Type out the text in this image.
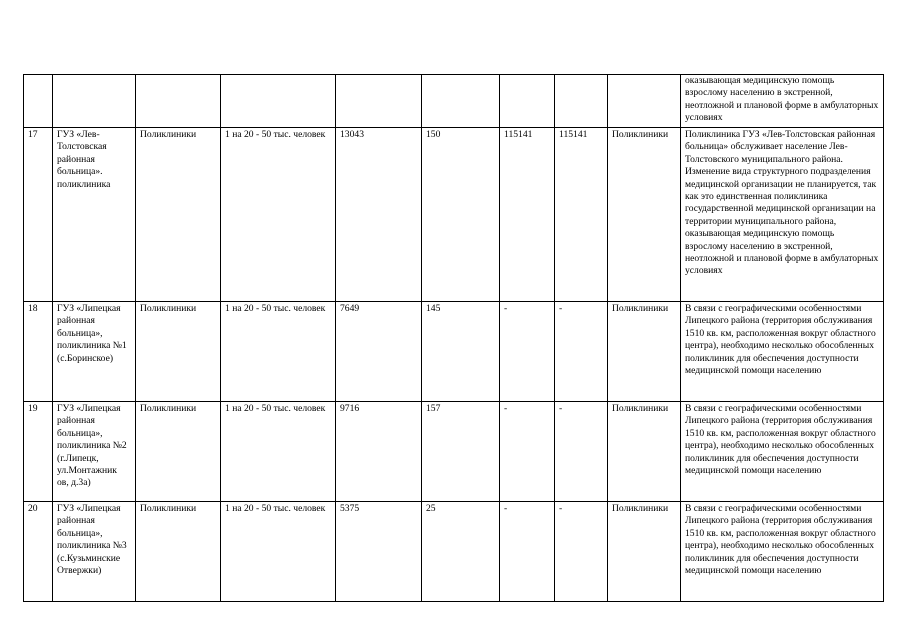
									оказывающая медицинскую помощь взрослому населению в экстренной, неотложной и плановой форме в амбулаторных условиях
17	ГУЗ «Лев-Толстовская районная больница». поликлиника	Поликлиники	1 на 20 - 50 тыс. человек	13043	150	115141	115141	Поликлиники	Поликлиника ГУЗ «Лев-Толстовская районная больница» обслуживает население Лев-Толстовского муниципального района. Изменение вида структурного подразделения медицинской организации не планируется, так как это единственная поликлиника государственной медицинской организации на территории муниципального района, оказывающая медицинскую помощь взрослому населению в экстренной, неотложной и плановой форме в амбулаторных условиях
18	ГУЗ «Липецкая районная больница», поликлиника №1 (с.Боринское)	Поликлиники	1 на 20 - 50 тыс. человек	7649	145	-	-	Поликлиники	В связи с географическими особенностями Липецкого района (территория обслуживания 1510 кв. км, расположенная вокруг областного центра), необходимо несколько обособленных поликлиник для обеспечения доступности медицинской помощи населению
19	ГУЗ «Липецкая районная больница», поликлиника №2 (г.Липецк, ул.Монтажник ов, д.3а)	Поликлиники	1 на 20 - 50 тыс. человек	9716	157	-	-	Поликлиники	В связи с географическими особенностями Липецкого района (территория обслуживания 1510 кв. км, расположенная вокруг областного центра), необходимо несколько обособленных поликлиник для обеспечения доступности медицинской помощи населению
20	ГУЗ «Липецкая районная больница», поликлиника №3 (с.Кузьминские Отвержки)	Поликлиники	1 на 20 - 50 тыс. человек	5375	25	-	-	Поликлиники	В связи с географическими особенностями Липецкого района (территория обслуживания 1510 кв. км, расположенная вокруг областного центра), необходимо несколько обособленных поликлиник для обеспечения доступности медицинской помощи населению
